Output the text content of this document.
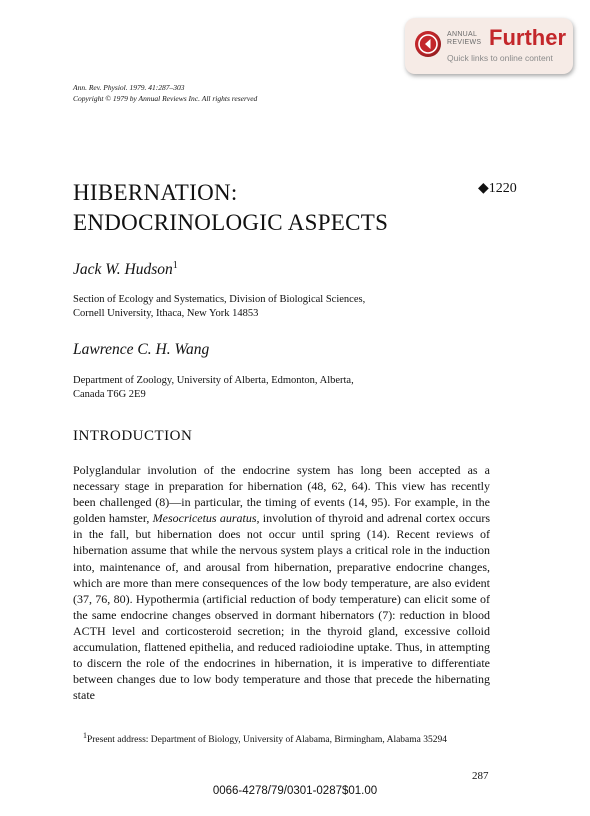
ANNUAL
REVIEWS Further
Quick links to online content
Ann. Rev. Physiol. 1979. 41:287–303
Copyright © 1979 by Annual Reviews Inc. All rights reserved
HIBERNATION:
ENDOCRINOLOGIC ASPECTS
◆1220
Jack W. Hudson$^1$
Section of Ecology and Systematics, Division of Biological Sciences,
Cornell University, Ithaca, New York 14853
Lawrence C. H. Wang
Department of Zoology, University of Alberta, Edmonton, Alberta,
Canada T6G 2E9
INTRODUCTION

Polyglandular involution of the endocrine system has long been accepted as a necessary stage in preparation for hibernation (48, 62, 64). This view has recently been challenged (8)—in particular, the timing of events (14, 95). For example, in the golden hamster, Mesocricetus auratus, involution of thyroid and adrenal cortex occurs in the fall, but hibernation does not occur until spring (14). Recent reviews of hibernation assume that while the nervous system plays a critical role in the induction into, maintenance of, and arousal from hibernation, preparative endocrine changes, which are more than mere consequences of the low body temperature, are also evident (37, 76, 80). Hypothermia (artificial reduction of body temperature) can elicit some of the same endocrine changes observed in dormant hibernators (7): reduction in blood ACTH level and corticosteroid secretion; in the thyroid gland, excessive colloid accumulation, flattened epithelia, and reduced radioiodine uptake. Thus, in attempting to discern the role of the endocrines in hibernation, it is imperative to differentiate between changes due to low body temperature and those that precede the hibernating state

$^1$Present address: Department of Biology, University of Alabama, Birmingham, Alabama 35294
287
0066-4278/79/0301-0287$01.00
